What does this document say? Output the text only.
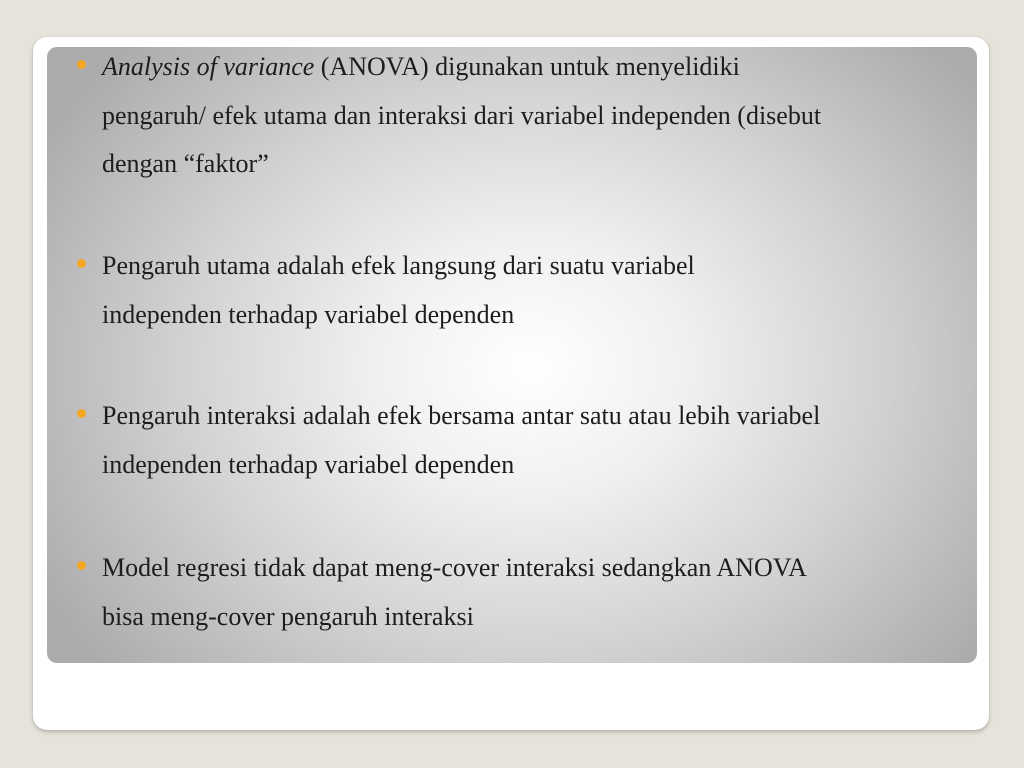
Analysis of variance (ANOVA) digunakan untuk menyelidiki
pengaruh/ efek utama dan interaksi dari variabel independen (disebut
dengan “faktor”
Pengaruh utama adalah efek langsung dari suatu variabel
independen terhadap variabel dependen
Pengaruh interaksi adalah efek bersama antar satu atau lebih variabel
independen terhadap variabel dependen
Model regresi tidak dapat meng-cover interaksi sedangkan ANOVA
bisa meng-cover pengaruh interaksi
